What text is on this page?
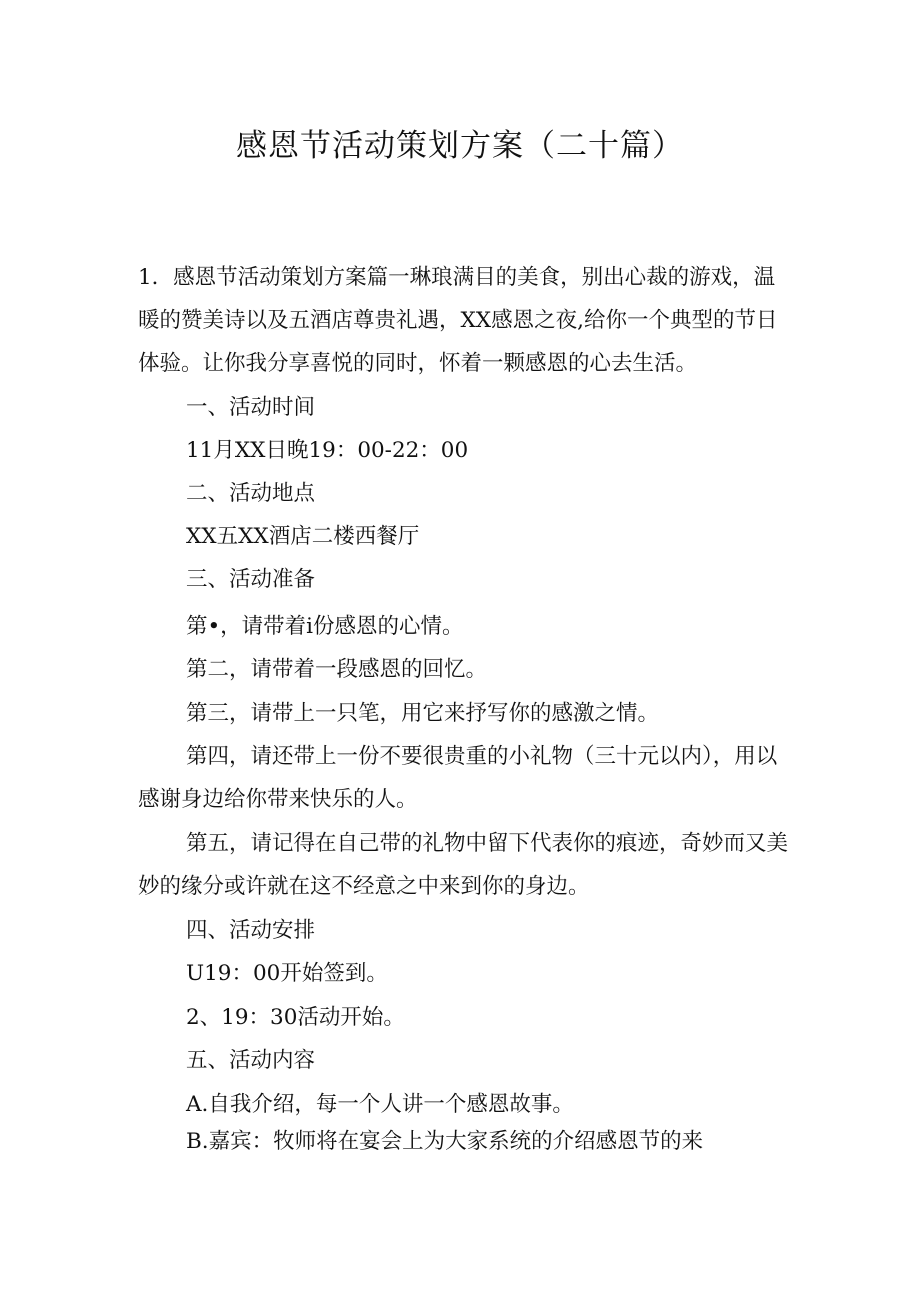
感恩节活动策划方案（二十篇）

1．感恩节活动策划方案篇一琳琅满目的美食，别出心裁的游戏，温

暖的赞美诗以及五酒店尊贵礼遇，XX感恩之夜,给你一个典型的节日

体验。让你我分享喜悦的同时，怀着一颗感恩的心去生活。

一、活动时间

11月XX日晚19：00-22：00

二、活动地点

XX五XX酒店二楼西餐厅

三、活动准备

第•，请带着i份感恩的心情。

第二，请带着一段感恩的回忆。

第三，请带上一只笔，用它来抒写你的感激之情。

第四，请还带上一份不要很贵重的小礼物（三十元以内），用以

感谢身边给你带来快乐的人。

第五，请记得在自己带的礼物中留下代表你的痕迹，奇妙而又美

妙的缘分或许就在这不经意之中来到你的身边。

四、活动安排

U19：00开始签到。

2、19：30活动开始。

五、活动内容

A.自我介绍，每一个人讲一个感恩故事。

B.嘉宾：牧师将在宴会上为大家系统的介绍感恩节的来
